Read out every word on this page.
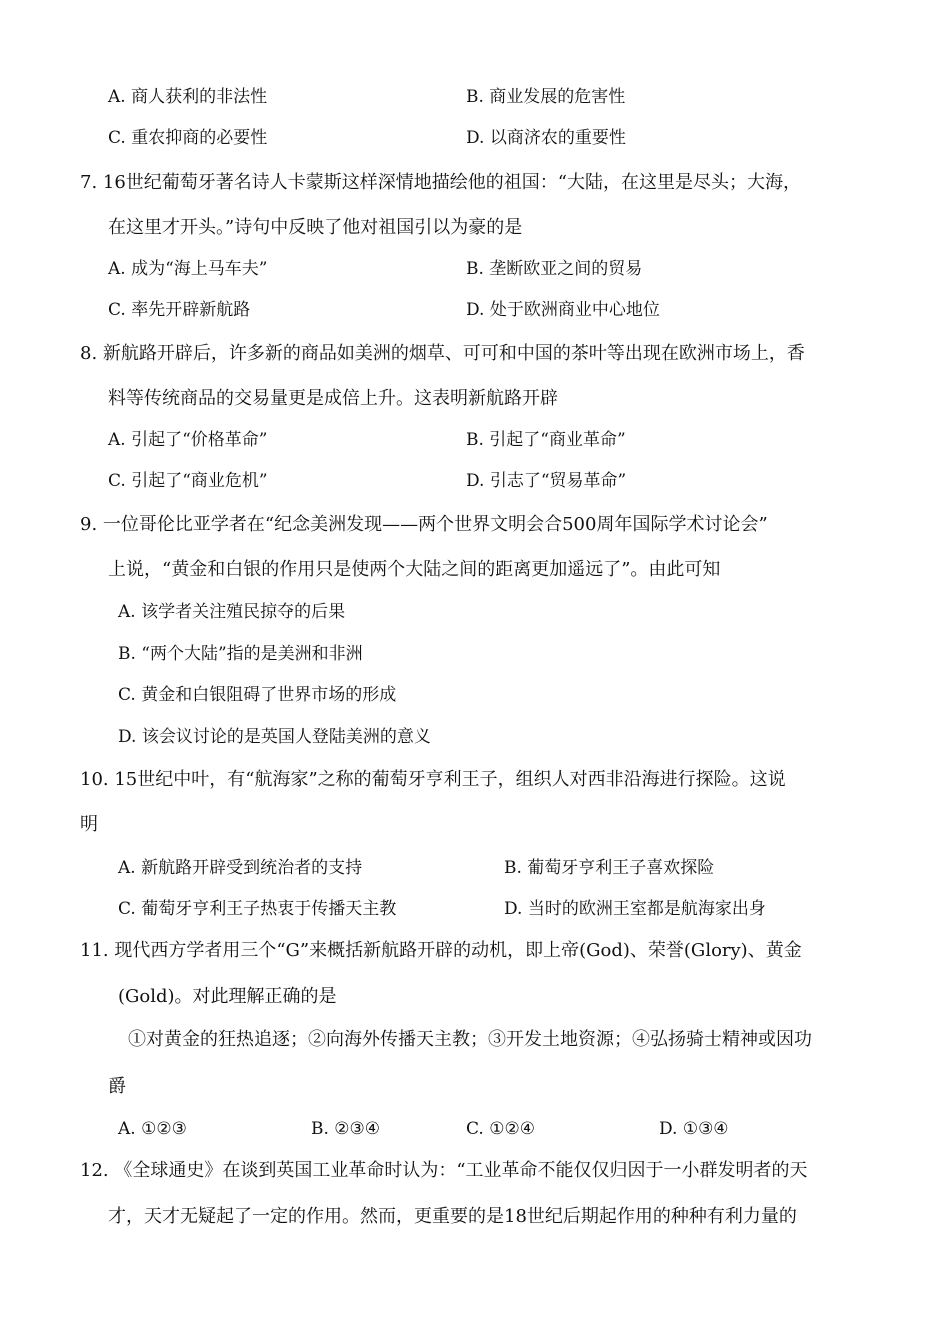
A. 商人获利的非法性	B. 商业发展的危害性
C. 重农抑商的必要性	D. 以商济农的重要性
7. 16世纪葡萄牙著名诗人卡蒙斯这样深情地描绘他的祖国：“大陆，在这里是尽头；大海，
在这里才开头。”诗句中反映了他对祖国引以为豪的是
A. 成为“海上马车夫”	B. 垄断欧亚之间的贸易
C. 率先开辟新航路	D. 处于欧洲商业中心地位
8. 新航路开辟后，许多新的商品如美洲的烟草、可可和中国的茶叶等出现在欧洲市场上，香
料等传统商品的交易量更是成倍上升。这表明新航路开辟
A. 引起了“价格革命”	B. 引起了“商业革命”
C. 引起了“商业危机”	D. 引志了“贸易革命”
9. 一位哥伦比亚学者在“纪念美洲发现——两个世界文明会合500周年国际学术讨论会”
上说，“黄金和白银的作用只是使两个大陆之间的距离更加遥远了”。由此可知
A. 该学者关注殖民掠夺的后果
B. “两个大陆”指的是美洲和非洲
C. 黄金和白银阻碍了世界市场的形成
D. 该会议讨论的是英国人登陆美洲的意义
10. 15世纪中叶，有“航海家”之称的葡萄牙亨利王子，组织人对西非沿海进行探险。这说
明
A. 新航路开辟受到统治者的支持	B. 葡萄牙亨利王子喜欢探险
C. 葡萄牙亨利王子热衷于传播天主教	D. 当时的欧洲王室都是航海家出身
11. 现代西方学者用三个“G”来概括新航路开辟的动机，即上帝(God)、荣誉(Glory)、黄金
(Gold)。对此理解正确的是
①对黄金的狂热追逐；②向海外传播天主教；③开发土地资源；④弘扬骑士精神或因功
爵
A. ①②③	B. ②③④	C. ①②④	D. ①③④
12. 《全球通史》在谈到英国工业革命时认为：“工业革命不能仅仅归因于一小群发明者的天
才，天才无疑起了一定的作用。然而，更重要的是18世纪后期起作用的种种有利力量的
